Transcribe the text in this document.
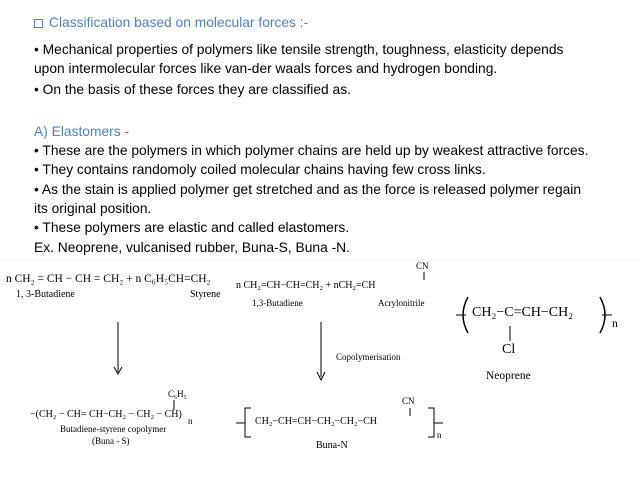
Classification based on molecular forces :-
• Mechanical properties of polymers like tensile strength, toughness, elasticity depends
upon intermolecular forces like van-der waals forces and hydrogen bonding.
• On the basis of these forces they are classified as.
A) Elastomers -
• These are the polymers in which polymer chains are held up by weakest attractive forces.
• They contains randomoly coiled molecular chains having few cross links.
• As the stain is applied polymer get stretched and as the force is released polymer regain
its original position.
• These polymers are elastic and called elastomers.
Ex. Neoprene, vulcanised rubber, Buna-S, Buna -N.
n CH₂ = CH − CH = CH₂ + n C₆H₅CH=CH₂
1, 3-Butadiene	Styrene
C₆H₅
−(CH₂ − CH= CH−CH₂ − CH₂ − CH)
n
Butadiene-styrene copolymer
(Buna - S)
CN
n CH₂=CH−CH=CH₂ + nCH₂=CH
1,3-Butadiene	Acrylonitrile
Copolymerisation
CN
CH₂−CH=CH−CH₂−CH₂−CH
n
Buna-N
CH₂−C=CH−CH₂
n
Cl
Neoprene
